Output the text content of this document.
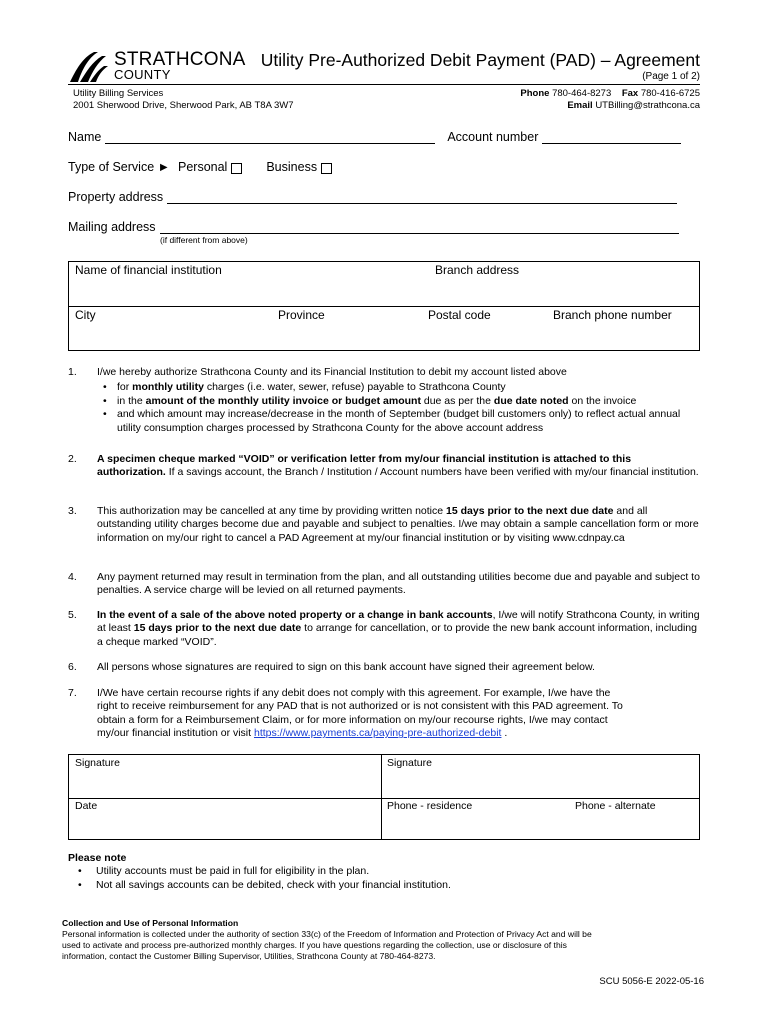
STRATHCONA
COUNTY
Utility Pre-Authorized Debit Payment (PAD) – Agreement
(Page 1 of 2)
Utility Billing Services
2001 Sherwood Drive, Sherwood Park, AB T8A 3W7
Phone 780-464-8273 Fax 780-416-6725
Email UTBilling@strathcona.ca
Name	Account number
Type of Service ► Personal	Business
Property address
Mailing address
(if different from above)
Name of financial institution	Branch address
City	Province	Postal code	Branch phone number
1. I/we hereby authorize Strathcona County and its Financial Institution to debit my account listed above
• for monthly utility charges (i.e. water, sewer, refuse) payable to Strathcona County
• in the amount of the monthly utility invoice or budget amount due as per the due date noted on the invoice
• and which amount may increase/decrease in the month of September (budget bill customers only) to reflect actual annual utility consumption charges processed by Strathcona County for the above account address
2. A specimen cheque marked “VOID” or verification letter from my/our financial institution is attached to this authorization. If a savings account, the Branch / Institution / Account numbers have been verified with my/our financial institution.
3. This authorization may be cancelled at any time by providing written notice 15 days prior to the next due date and all outstanding utility charges become due and payable and subject to penalties. I/we may obtain a sample cancellation form or more information on my/our right to cancel a PAD Agreement at my/our financial institution or by visiting www.cdnpay.ca
4. Any payment returned may result in termination from the plan, and all outstanding utilities become due and payable and subject to penalties. A service charge will be levied on all returned payments.
5. In the event of a sale of the above noted property or a change in bank accounts, I/we will notify Strathcona County, in writing at least 15 days prior to the next due date to arrange for cancellation, or to provide the new bank account information, including a cheque marked “VOID”.
6. All persons whose signatures are required to sign on this bank account have signed their agreement below.
7. I/We have certain recourse rights if any debit does not comply with this agreement. For example, I/we have the
right to receive reimbursement for any PAD that is not authorized or is not consistent with this PAD agreement. To
obtain a form for a Reimbursement Claim, or for more information on my/our recourse rights, I/we may contact
my/our financial institution or visit https://www.payments.ca/paying-pre-authorized-debit .
Signature	Signature
Date	Phone - residence	Phone - alternate
Please note
• Utility accounts must be paid in full for eligibility in the plan.
• Not all savings accounts can be debited, check with your financial institution.
Collection and Use of Personal Information
Personal information is collected under the authority of section 33(c) of the Freedom of Information and Protection of Privacy Act and will be
used to activate and process pre-authorized monthly charges. If you have questions regarding the collection, use or disclosure of this
information, contact the Customer Billing Supervisor, Utilities, Strathcona County at 780-464-8273.
SCU 5056-E 2022-05-16
